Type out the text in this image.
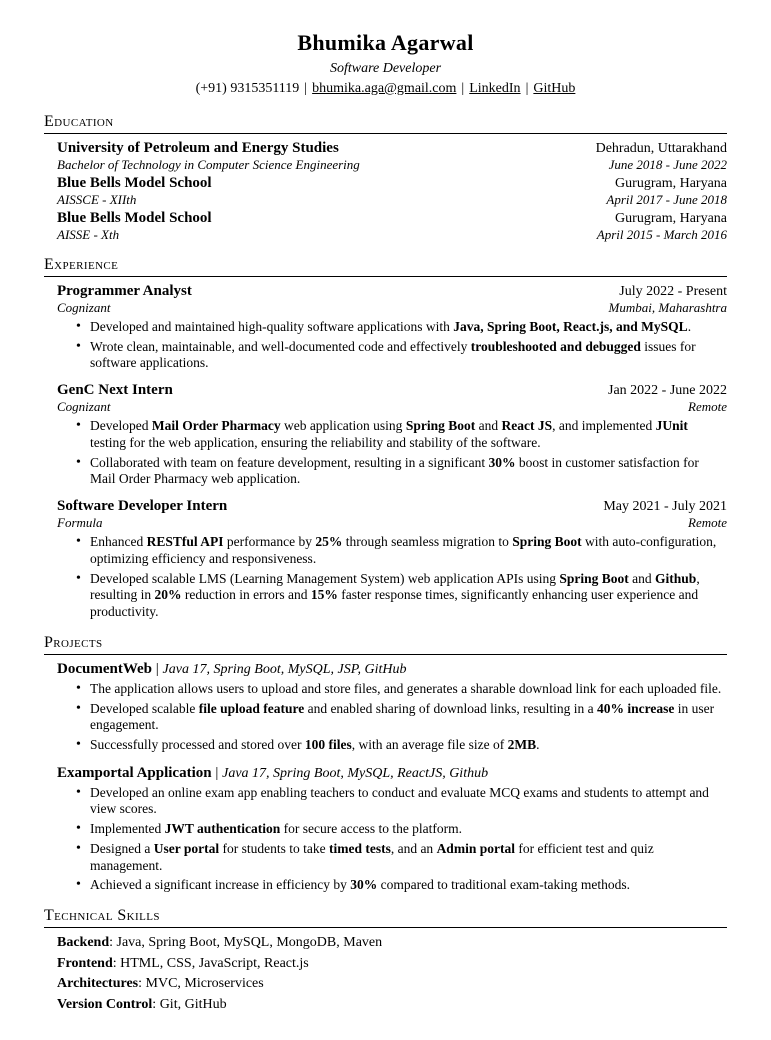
Bhumika Agarwal
Software Developer
(+91) 9315351119 | bhumika.aga@gmail.com | LinkedIn | GitHub
Education
University of Petroleum and Energy Studies	Dehradun, Uttarakhand
Bachelor of Technology in Computer Science Engineering	June 2018 - June 2022
Blue Bells Model School	Gurugram, Haryana
AISSCE - XIIth	April 2017 - June 2018
Blue Bells Model School	Gurugram, Haryana
AISSE - Xth	April 2015 - March 2016
Experience
Programmer Analyst	July 2022 - Present
Cognizant	Mumbai, Maharashtra
• Developed and maintained high-quality software applications with Java, Spring Boot, React.js, and MySQL.
• Wrote clean, maintainable, and well-documented code and effectively troubleshooted and debugged issues for software applications.
GenC Next Intern	Jan 2022 - June 2022
Cognizant	Remote
• Developed Mail Order Pharmacy web application using Spring Boot and React JS, and implemented JUnit testing for the web application, ensuring the reliability and stability of the software.
• Collaborated with team on feature development, resulting in a significant 30% boost in customer satisfaction for Mail Order Pharmacy web application.
Software Developer Intern	May 2021 - July 2021
Formula	Remote
• Enhanced RESTful API performance by 25% through seamless migration to Spring Boot with auto-configuration, optimizing efficiency and responsiveness.
• Developed scalable LMS (Learning Management System) web application APIs using Spring Boot and Github, resulting in 20% reduction in errors and 15% faster response times, significantly enhancing user experience and productivity.
Projects
DocumentWeb | Java 17, Spring Boot, MySQL, JSP, GitHub
• The application allows users to upload and store files, and generates a sharable download link for each uploaded file.
• Developed scalable file upload feature and enabled sharing of download links, resulting in a 40% increase in user engagement.
• Successfully processed and stored over 100 files, with an average file size of 2MB.
Examportal Application | Java 17, Spring Boot, MySQL, ReactJS, Github
• Developed an online exam app enabling teachers to conduct and evaluate MCQ exams and students to attempt and view scores.
• Implemented JWT authentication for secure access to the platform.
• Designed a User portal for students to take timed tests, and an Admin portal for efficient test and quiz management.
• Achieved a significant increase in efficiency by 30% compared to traditional exam-taking methods.
Technical Skills
Backend: Java, Spring Boot, MySQL, MongoDB, Maven
Frontend: HTML, CSS, JavaScript, React.js
Architectures: MVC, Microservices
Version Control: Git, GitHub
